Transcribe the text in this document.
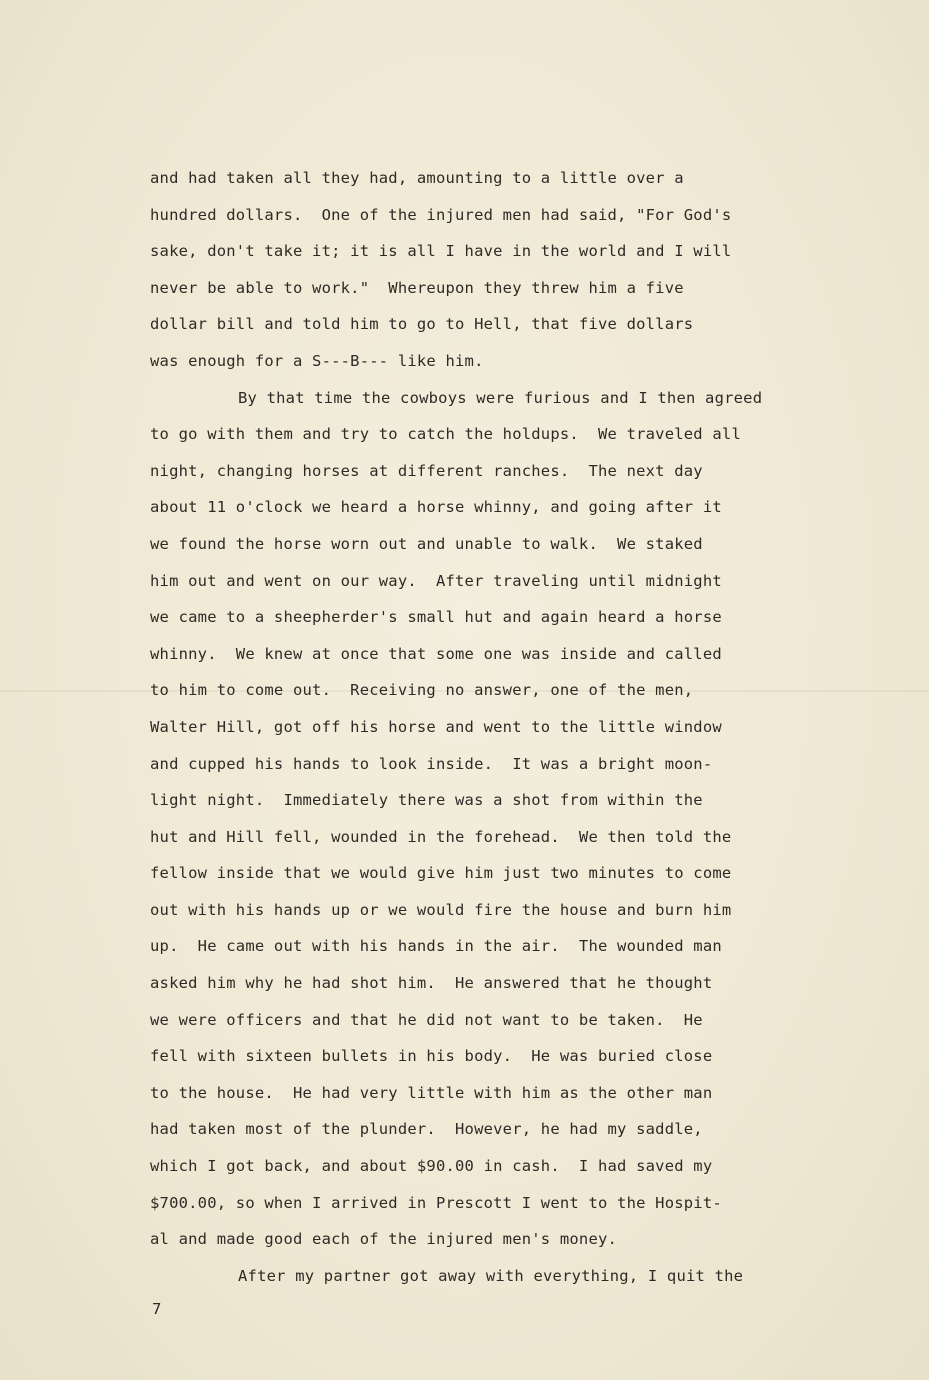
and had taken all they had, amounting to a little over a
hundred dollars.  One of the injured men had said, "For God's
sake, don't take it; it is all I have in the world and I will
never be able to work."  Whereupon they threw him a five
dollar bill and told him to go to Hell, that five dollars
was enough for a S---B--- like him.
By that time the cowboys were furious and I then agreed
to go with them and try to catch the holdups.  We traveled all
night, changing horses at different ranches.  The next day
about 11 o'clock we heard a horse whinny, and going after it
we found the horse worn out and unable to walk.  We staked
him out and went on our way.  After traveling until midnight
we came to a sheepherder's small hut and again heard a horse
whinny.  We knew at once that some one was inside and called
to him to come out.  Receiving no answer, one of the men,
Walter Hill, got off his horse and went to the little window
and cupped his hands to look inside.  It was a bright moon-
light night.  Immediately there was a shot from within the
hut and Hill fell, wounded in the forehead.  We then told the
fellow inside that we would give him just two minutes to come
out with his hands up or we would fire the house and burn him
up.  He came out with his hands in the air.  The wounded man
asked him why he had shot him.  He answered that he thought
we were officers and that he did not want to be taken.  He
fell with sixteen bullets in his body.  He was buried close
to the house.  He had very little with him as the other man
had taken most of the plunder.  However, he had my saddle,
which I got back, and about $90.00 in cash.  I had saved my
$700.00, so when I arrived in Prescott I went to the Hospit-
al and made good each of the injured men's money.
After my partner got away with everything, I quit the
7
